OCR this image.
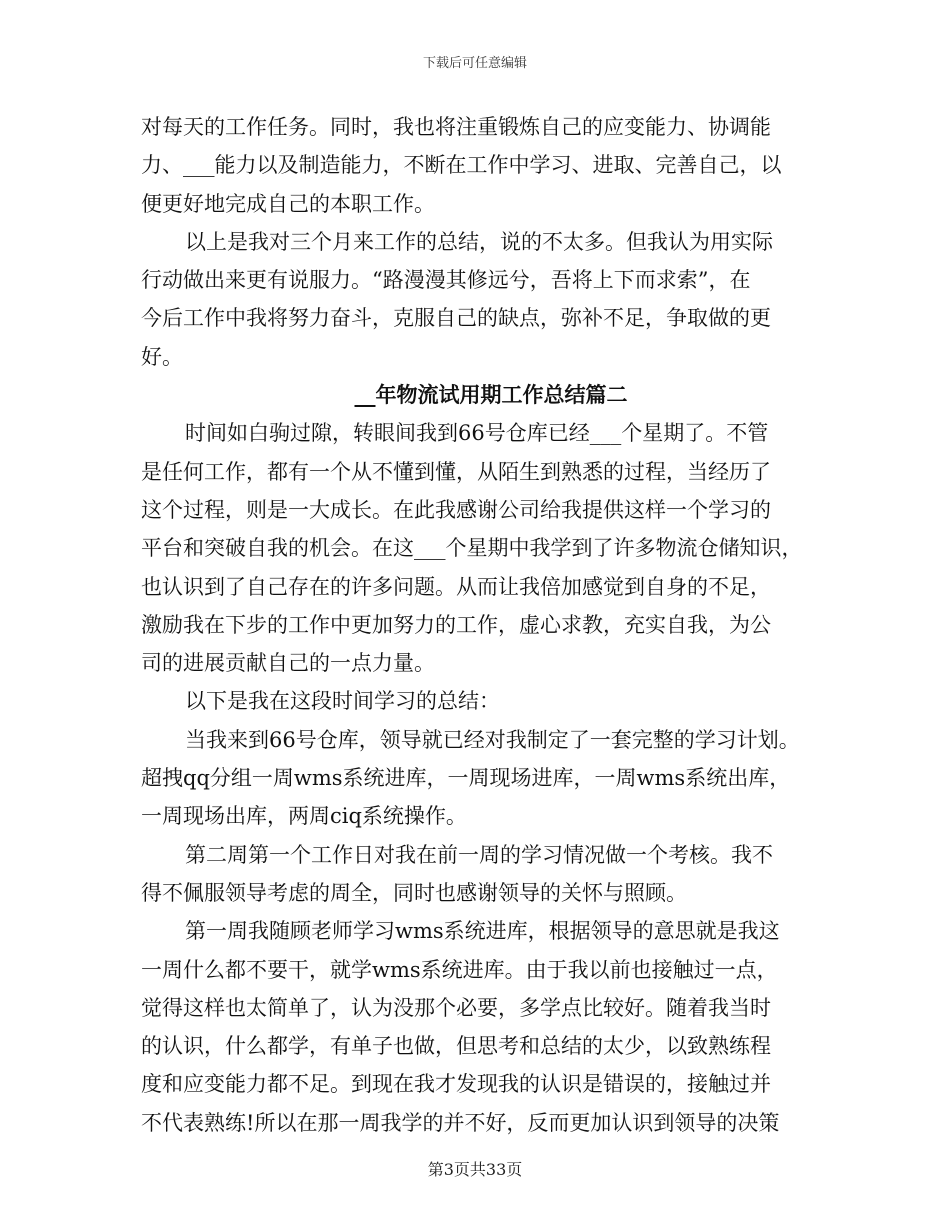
下载后可任意编辑
对每天的工作任务。同时，我也将注重锻炼自己的应变能力、协调能
力、___能力以及制造能力，不断在工作中学习、进取、完善自己，以
便更好地完成自己的本职工作。
以上是我对三个月来工作的总结，说的不太多。但我认为用实际
行动做出来更有说服力。“路漫漫其修远兮，吾将上下而求索”，在
今后工作中我将努力奋斗，克服自己的缺点，弥补不足，争取做的更
好。
__年物流试用期工作总结篇二
时间如白驹过隙，转眼间我到66号仓库已经___个星期了。不管
是任何工作，都有一个从不懂到懂，从陌生到熟悉的过程，当经历了
这个过程，则是一大成长。在此我感谢公司给我提供这样一个学习的
平台和突破自我的机会。在这___个星期中我学到了许多物流仓储知识，
也认识到了自己存在的许多问题。从而让我倍加感觉到自身的不足，
激励我在下步的工作中更加努力的工作，虚心求教，充实自我，为公
司的进展贡献自己的一点力量。
以下是我在这段时间学习的总结：
当我来到66号仓库，领导就已经对我制定了一套完整的学习计划。
超拽qq分组一周wms系统进库，一周现场进库，一周wms系统出库，
一周现场出库，两周ciq系统操作。
第二周第一个工作日对我在前一周的学习情况做一个考核。我不
得不佩服领导考虑的周全，同时也感谢领导的关怀与照顾。
第一周我随顾老师学习wms系统进库，根据领导的意思就是我这
一周什么都不要干，就学wms系统进库。由于我以前也接触过一点，
觉得这样也太简单了，认为没那个必要，多学点比较好。随着我当时
的认识，什么都学，有单子也做，但思考和总结的太少，以致熟练程
度和应变能力都不足。到现在我才发现我的认识是错误的，接触过并
不代表熟练!所以在那一周我学的并不好，反而更加认识到领导的决策
第3页共33页
